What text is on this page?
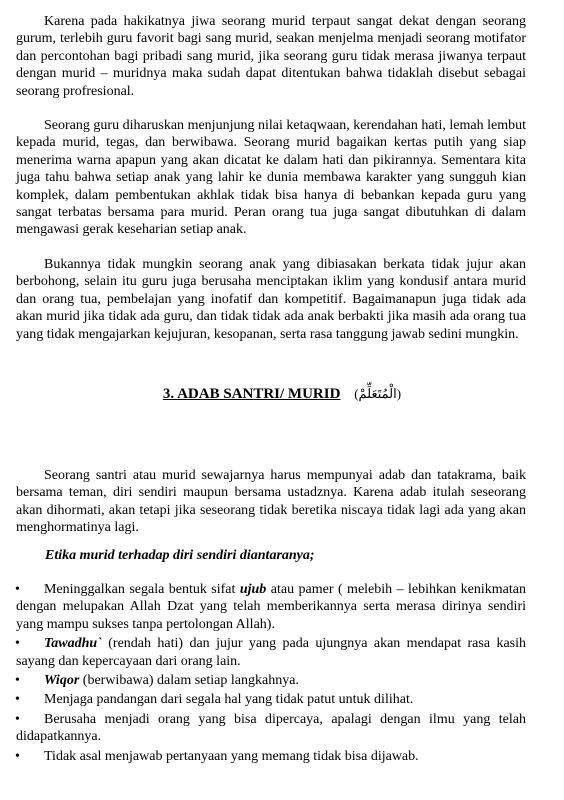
Karena pada hakikatnya jiwa seorang murid terpaut sangat dekat dengan seorang gurum, terlebih guru favorit bagi sang murid, seakan menjelma menjadi seorang motifator dan percontohan bagi pribadi sang murid, jika seorang guru tidak merasa jiwanya terpaut dengan murid – muridnya maka sudah dapat ditentukan bahwa tidaklah disebut sebagai seorang profresional.

Seorang guru diharuskan menjunjung nilai ketaqwaan, kerendahan hati, lemah lembut kepada murid, tegas, dan berwibawa. Seorang murid bagaikan kertas putih yang siap menerima warna apapun yang akan dicatat ke dalam hati dan pikirannya. Sementara kita juga tahu bahwa setiap anak yang lahir ke dunia membawa karakter yang sungguh kian komplek, dalam pembentukan akhlak tidak bisa hanya di bebankan kepada guru yang sangat terbatas bersama para murid. Peran orang tua juga sangat dibutuhkan di dalam mengawasi gerak keseharian setiap anak.

Bukannya tidak mungkin seorang anak yang dibiasakan berkata tidak jujur akan berbohong, selain itu guru juga berusaha menciptakan iklim yang kondusif antara murid dan orang tua, pembelajan yang inofatif dan kompetitif. Bagaimanapun juga tidak ada akan murid jika tidak ada guru, dan tidak tidak ada anak berbakti jika masih ada orang tua yang tidak mengajarkan kejujuran, kesopanan, serta rasa tanggung jawab sedini mungkin.

3. ADAB SANTRI/ MURID (الْمُتَعَلِّمْ)

Seorang santri atau murid sewajarnya harus mempunyai adab dan tatakrama, baik bersama teman, diri sendiri maupun bersama ustadznya. Karena adab itulah seseorang akan dihormati, akan tetapi jika seseorang tidak beretika niscaya tidak lagi ada yang akan menghormatinya lagi.

Etika murid terhadap diri sendiri diantaranya;

• Meninggalkan segala bentuk sifat ujub atau pamer ( melebih – lebihkan kenikmatan dengan melupakan Allah Dzat yang telah memberikannya serta merasa dirinya sendiri yang mampu sukses tanpa pertolongan Allah).
• Tawadhu` (rendah hati) dan jujur yang pada ujungnya akan mendapat rasa kasih sayang dan kepercayaan dari orang lain.
• Wiqor (berwibawa) dalam setiap langkahnya.
• Menjaga pandangan dari segala hal yang tidak patut untuk dilihat.
• Berusaha menjadi orang yang bisa dipercaya, apalagi dengan ilmu yang telah didapatkannya.
• Tidak asal menjawab pertanyaan yang memang tidak bisa dijawab.
